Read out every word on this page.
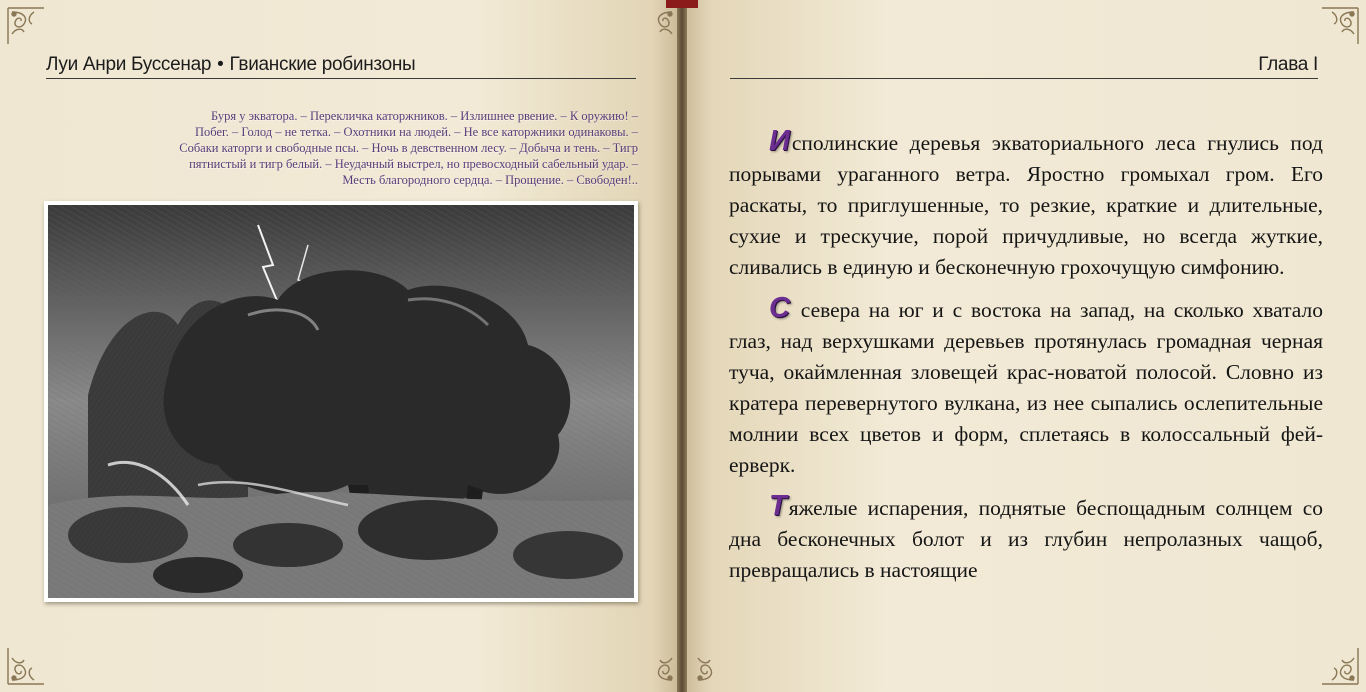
Луи Анри Буссенар • Гвианские робинзоны
Буря у экватора. – Перекличка каторжников. – Излишнее рвение. – К оружию! –
Побег. – Голод – не тетка. – Охотники на людей. – Не все каторжники одинаковы. –
Собаки каторги и свободные псы. – Ночь в девственном лесу. – Добыча и тень. – Тигр
пятнистый и тигр белый. – Неудачный выстрел, но превосходный сабельный удар. –
Месть благородного сердца. – Прощение. – Свободен!..
Глава I

Исполинские деревья экваториального леса гнулись под порывами ураганного ветра. Яростно громыхал гром. Его раскаты, то приглушенные, то резкие, краткие и длительные, сухие и трескучие, порой причудливые, но всегда жуткие, сливались в единую и бесконечную грохочущую симфонию.

С севера на юг и с востока на запад, на сколько хватало глаз, над верхушками деревьев протянулась громадная черная туча, окаймленная зловещей крас-новатой полосой. Словно из кратера перевернутого вулкана, из нее сыпались ослепительные молнии всех цветов и форм, сплетаясь в колоссальный фей-ерверк.

Тяжелые испарения, поднятые беспощадным солнцем со дна бесконечных болот и из глубин непролазных чащоб, превращались в настоящие
